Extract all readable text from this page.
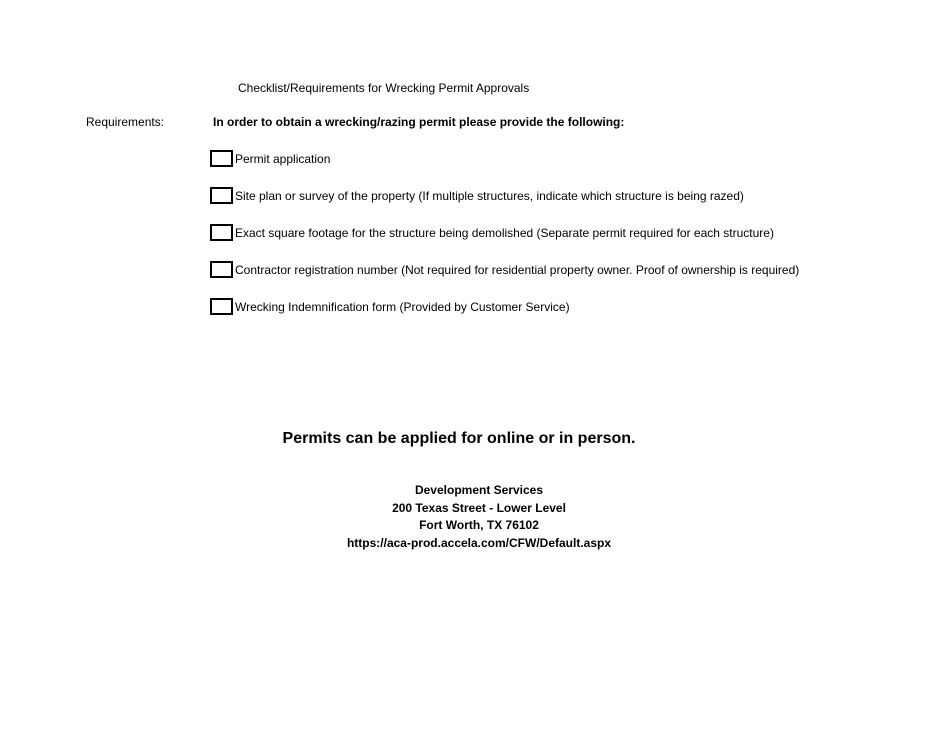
Checklist/Requirements for Wrecking Permit Approvals
Requirements:	In order to obtain a wrecking/razing permit please provide the following:
Permit application
Site plan or survey of the property (If multiple structures, indicate which structure is being razed)
Exact square footage for the structure being demolished (Separate permit required for each structure)
Contractor registration number (Not required for residential property owner. Proof of ownership is required)
Wrecking Indemnification form (Provided by Customer Service)
Permits can be applied for online or in person.
Development Services
200 Texas Street - Lower Level
Fort Worth, TX 76102
https://aca-prod.accela.com/CFW/Default.aspx
